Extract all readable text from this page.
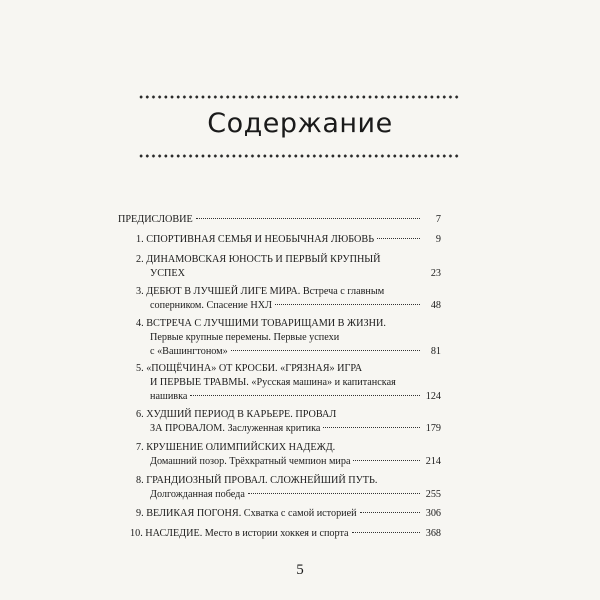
Содержание
ПРЕДИСЛОВИЕ	7
1. СПОРТИВНАЯ СЕМЬЯ И НЕОБЫЧНАЯ ЛЮБОВЬ	9
2. ДИНАМОВСКАЯ ЮНОСТЬ И ПЕРВЫЙ КРУПНЫЙ
УСПЕХ	23
3. ДЕБЮТ В ЛУЧШЕЙ ЛИГЕ МИРА. Встреча с главным
соперником. Спасение НХЛ	48
4. ВСТРЕЧА С ЛУЧШИМИ ТОВАРИЩАМИ В ЖИЗНИ.
Первые крупные перемены. Первые успехи
с «Вашингтоном»	81
5. «ПОЩЁЧИНА» ОТ КРОСБИ. «ГРЯЗНАЯ» ИГРА
И ПЕРВЫЕ ТРАВМЫ. «Русская машина» и капитанская
нашивка	124
6. ХУДШИЙ ПЕРИОД В КАРЬЕРЕ. ПРОВАЛ
ЗА ПРОВАЛОМ. Заслуженная критика	179
7. КРУШЕНИЕ ОЛИМПИЙСКИХ НАДЕЖД.
Домашний позор. Трёхкратный чемпион мира	214
8. ГРАНДИОЗНЫЙ ПРОВАЛ. СЛОЖНЕЙШИЙ ПУТЬ.
Долгожданная победа	255
9. ВЕЛИКАЯ ПОГОНЯ. Схватка с самой историей	306
10. НАСЛЕДИЕ. Место в истории хоккея и спорта	368
5
